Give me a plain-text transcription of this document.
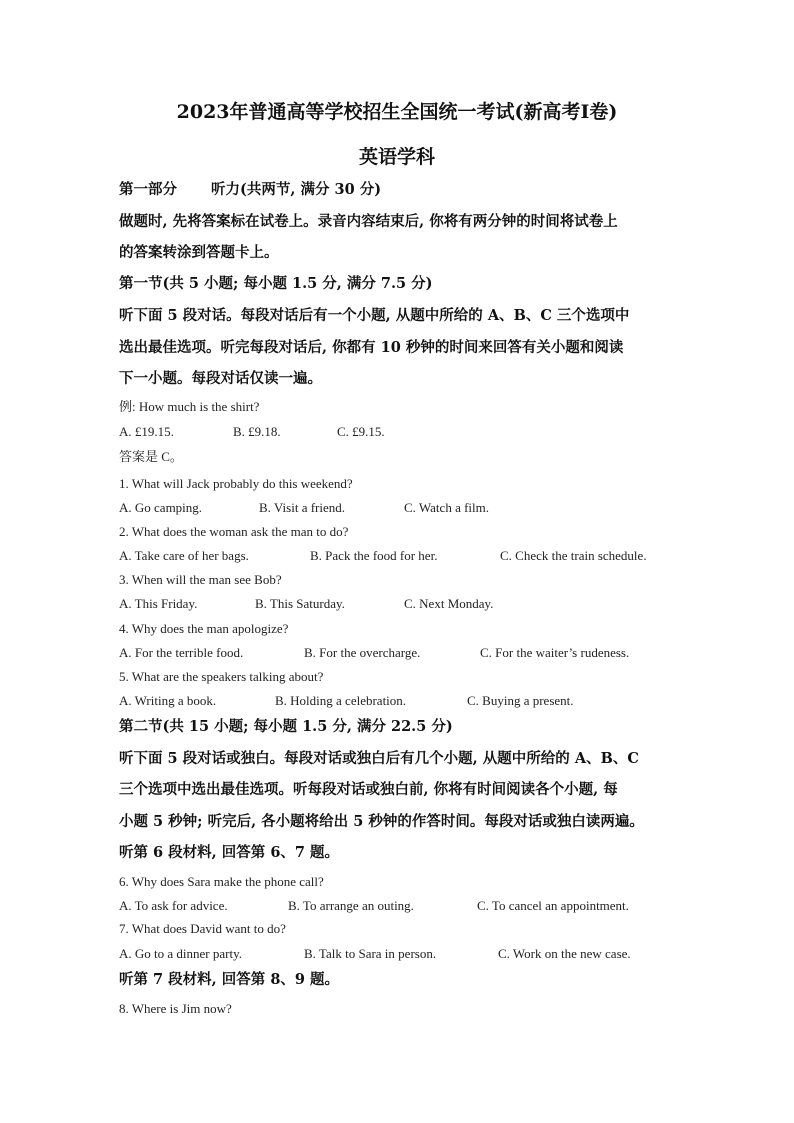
2023年普通高等学校招生全国统一考试(新高考Ⅰ卷)
英语学科
第一部分 听力(共两节, 满分 30 分)
做题时, 先将答案标在试卷上。录音内容结束后, 你将有两分钟的时间将试卷上
的答案转涂到答题卡上。
第一节(共 5 小题; 每小题 1.5 分, 满分 7.5 分)
听下面 5 段对话。每段对话后有一个小题, 从题中所给的 A、B、C 三个选项中
选出最佳选项。听完每段对话后, 你都有 10 秒钟的时间来回答有关小题和阅读
下一小题。每段对话仅读一遍。
例: How much is the shirt?
A. £19.15.	B. £9.18.	C. £9.15.
答案是 C。
1. What will Jack probably do this weekend?
A. Go camping.	B. Visit a friend.	C. Watch a film.
2. What does the woman ask the man to do?
A. Take care of her bags.	B. Pack the food for her.	C. Check the train schedule.
3. When will the man see Bob?
A. This Friday.	B. This Saturday.	C. Next Monday.
4. Why does the man apologize?
A. For the terrible food.	B. For the overcharge.	C. For the waiter’s rudeness.
5. What are the speakers talking about?
A. Writing a book.	B. Holding a celebration.	C. Buying a present.
第二节(共 15 小题; 每小题 1.5 分, 满分 22.5 分)
听下面 5 段对话或独白。每段对话或独白后有几个小题, 从题中所给的 A、B、C
三个选项中选出最佳选项。听每段对话或独白前, 你将有时间阅读各个小题, 每
小题 5 秒钟; 听完后, 各小题将给出 5 秒钟的作答时间。每段对话或独白读两遍。
听第 6 段材料, 回答第 6、7 题。
6. Why does Sara make the phone call?
A. To ask for advice.	B. To arrange an outing.	C. To cancel an appointment.
7. What does David want to do?
A. Go to a dinner party.	B. Talk to Sara in person.	C. Work on the new case.
听第 7 段材料, 回答第 8、9 题。
8. Where is Jim now?
